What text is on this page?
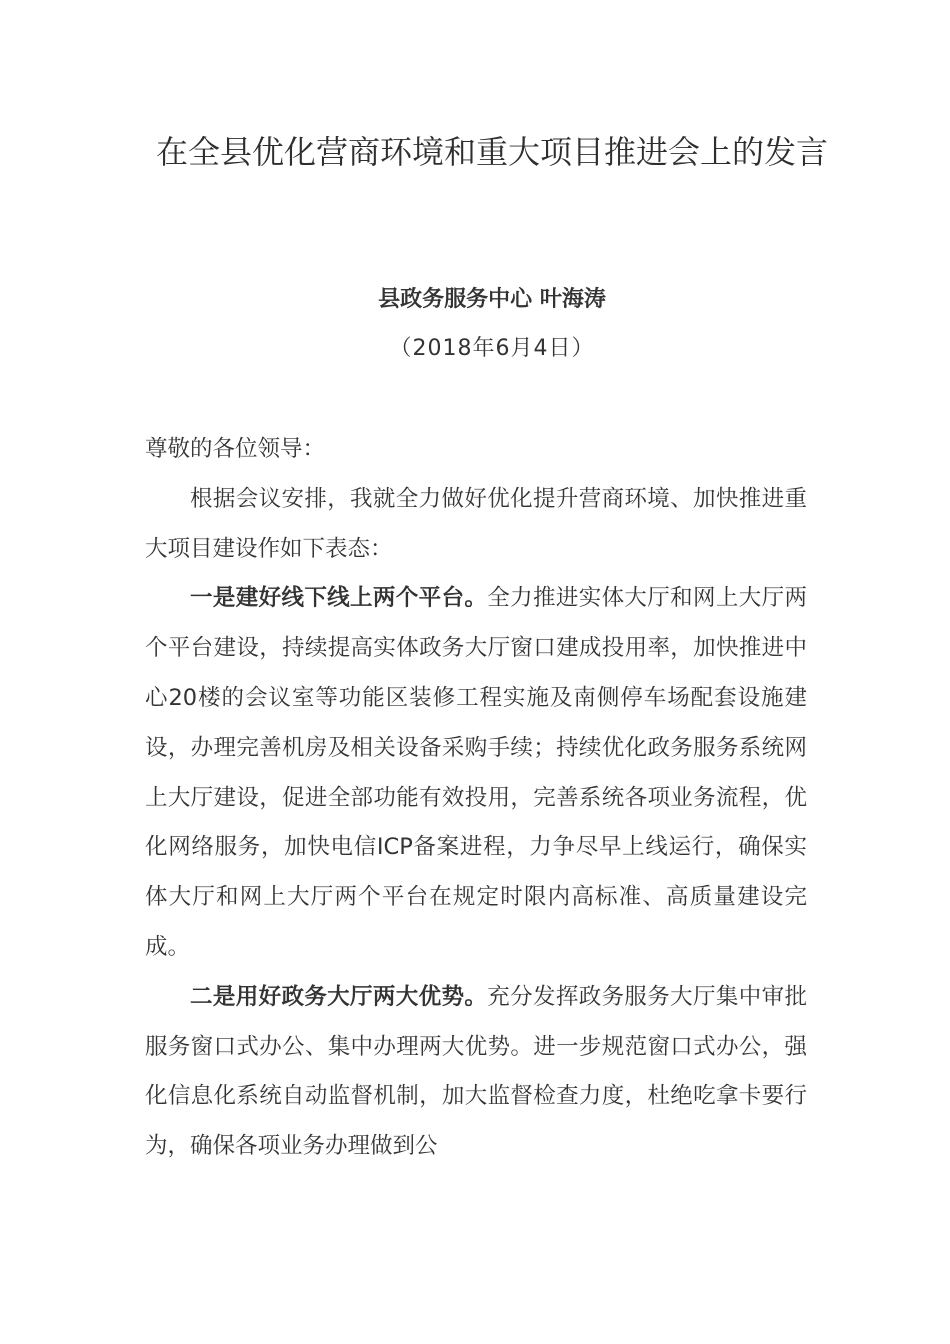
在全县优化营商环境和重大项目推进会上的发言
县政务服务中心 叶海涛
（2018年6月4日）

尊敬的各位领导：

根据会议安排，我就全力做好优化提升营商环境、加快推进重大项目建设作如下表态：

一是建好线下线上两个平台。全力推进实体大厅和网上大厅两个平台建设，持续提高实体政务大厅窗口建成投用率，加快推进中心20楼的会议室等功能区装修工程实施及南侧停车场配套设施建设，办理完善机房及相关设备采购手续；持续优化政务服务系统网上大厅建设，促进全部功能有效投用，完善系统各项业务流程，优化网络服务，加快电信ICP备案进程，力争尽早上线运行，确保实体大厅和网上大厅两个平台在规定时限内高标准、高质量建设完成。

二是用好政务大厅两大优势。充分发挥政务服务大厅集中审批服务窗口式办公、集中办理两大优势。进一步规范窗口式办公，强化信息化系统自动监督机制，加大监督检查力度，杜绝吃拿卡要行为，确保各项业务办理做到公
